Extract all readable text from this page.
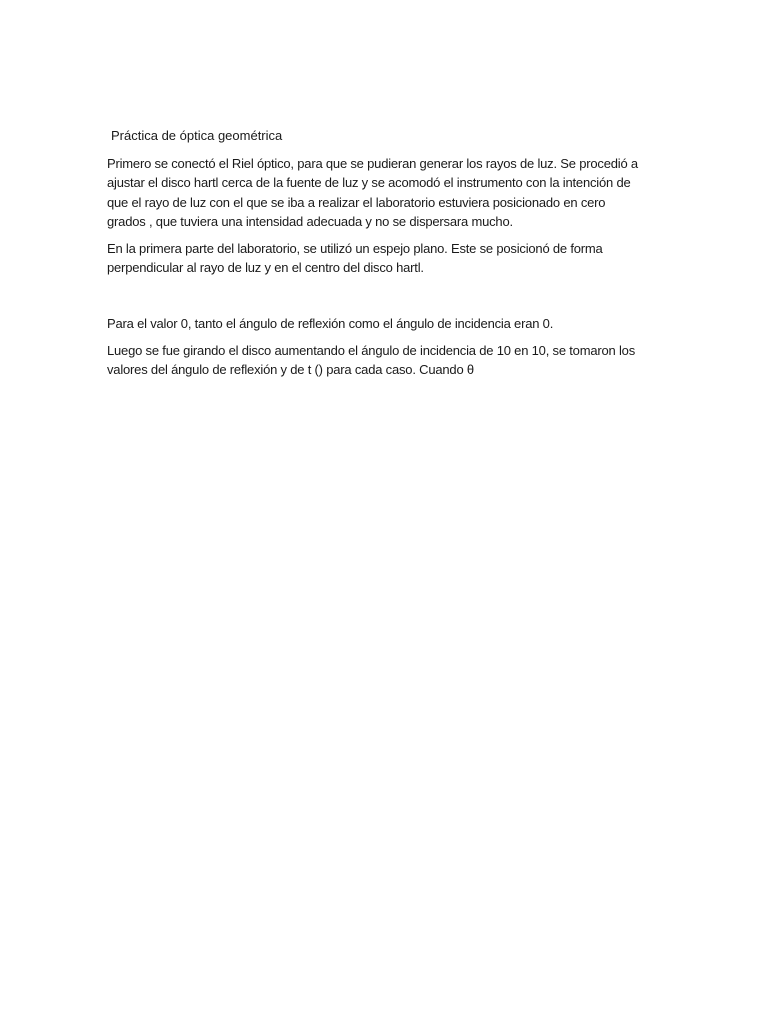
Práctica de óptica geométrica

Primero se conectó el Riel óptico, para que se pudieran generar los rayos de luz. Se procedió a ajustar el disco hartl cerca de la fuente de luz y se acomodó el instrumento con la intención de que el rayo de luz con el que se iba a realizar el laboratorio estuviera posicionado en cero grados , que tuviera una intensidad adecuada y no se dispersara mucho.

En la primera parte del laboratorio, se utilizó un espejo plano. Este se posicionó de forma perpendicular al rayo de luz y en el centro del disco hartl.

Para el valor 0, tanto el ángulo de reflexión como el ángulo de incidencia eran 0.

Luego se fue girando el disco aumentando el ángulo de incidencia de 10 en 10, se tomaron los valores del ángulo de reflexión y de t () para cada caso. Cuando θ
